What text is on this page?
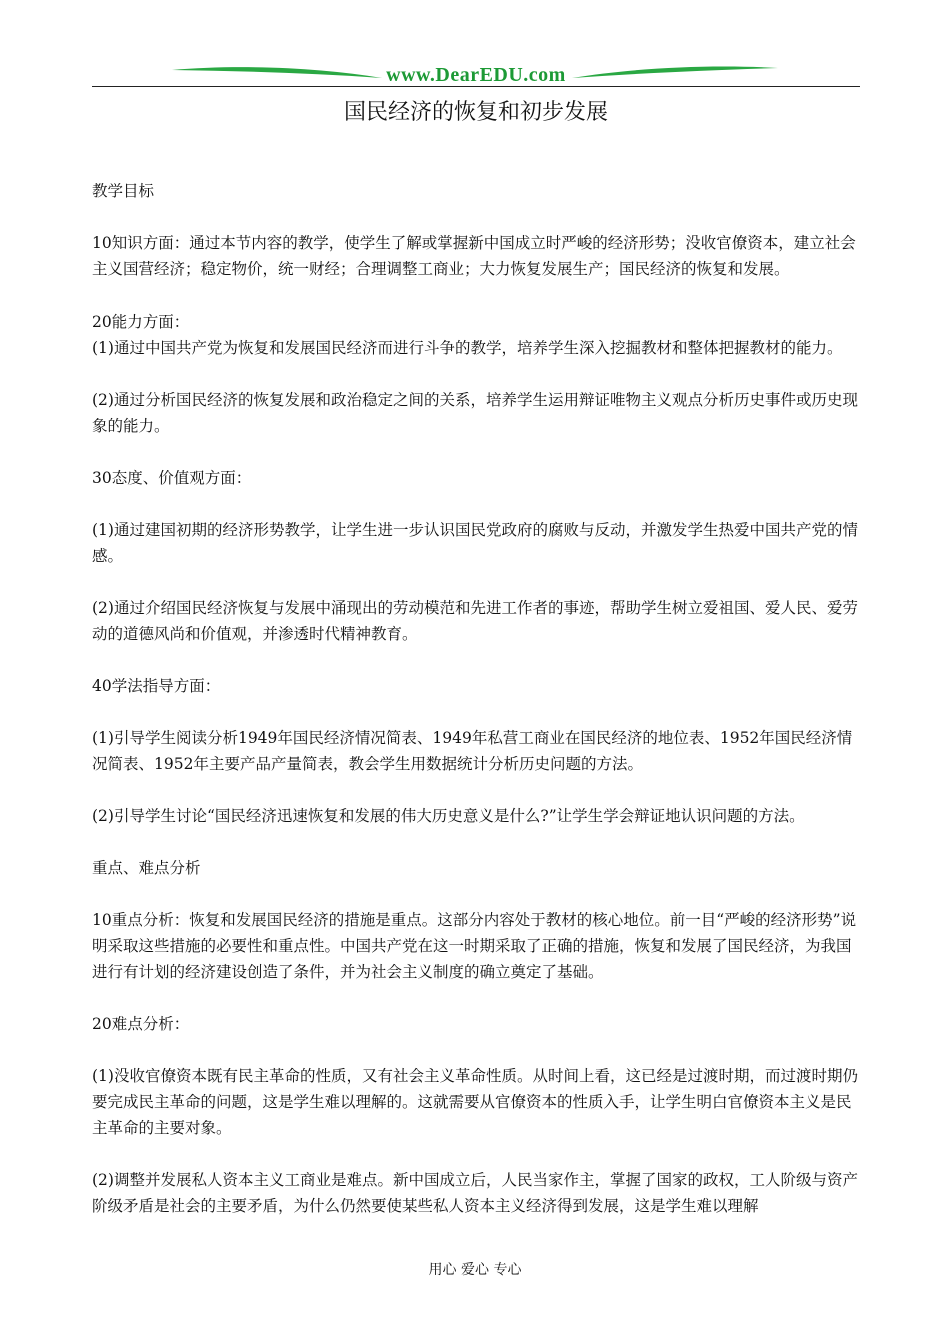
www.DearEDU.com
国民经济的恢复和初步发展

教学目标

10知识方面：通过本节内容的教学，使学生了解或掌握新中国成立时严峻的经济形势；没收官僚资本，建立社会主义国营经济；稳定物价，统一财经；合理调整工商业；大力恢复发展生产；国民经济的恢复和发展。

20能力方面：

(1)通过中国共产党为恢复和发展国民经济而进行斗争的教学，培养学生深入挖掘教材和整体把握教材的能力。

(2)通过分析国民经济的恢复发展和政治稳定之间的关系，培养学生运用辩证唯物主义观点分析历史事件或历史现象的能力。

30态度、价值观方面：

(1)通过建国初期的经济形势教学，让学生进一步认识国民党政府的腐败与反动，并激发学生热爱中国共产党的情感。

(2)通过介绍国民经济恢复与发展中涌现出的劳动模范和先进工作者的事迹，帮助学生树立爱祖国、爱人民、爱劳动的道德风尚和价值观，并渗透时代精神教育。

40学法指导方面：

(1)引导学生阅读分析1949年国民经济情况简表、1949年私营工商业在国民经济的地位表、1952年国民经济情况简表、1952年主要产品产量简表，教会学生用数据统计分析历史问题的方法。

(2)引导学生讨论“国民经济迅速恢复和发展的伟大历史意义是什么?”让学生学会辩证地认识问题的方法。

重点、难点分析

10重点分析：恢复和发展国民经济的措施是重点。这部分内容处于教材的核心地位。前一目“严峻的经济形势”说明采取这些措施的必要性和重点性。中国共产党在这一时期采取了正确的措施，恢复和发展了国民经济，为我国进行有计划的经济建设创造了条件，并为社会主义制度的确立奠定了基础。

20难点分析：

(1)没收官僚资本既有民主革命的性质，又有社会主义革命性质。从时间上看，这已经是过渡时期，而过渡时期仍要完成民主革命的问题，这是学生难以理解的。这就需要从官僚资本的性质入手，让学生明白官僚资本主义是民主革命的主要对象。

(2)调整并发展私人资本主义工商业是难点。新中国成立后，人民当家作主，掌握了国家的政权，工人阶级与资产阶级矛盾是社会的主要矛盾，为什么仍然要使某些私人资本主义经济得到发展，这是学生难以理解

用心 爱心 专心
